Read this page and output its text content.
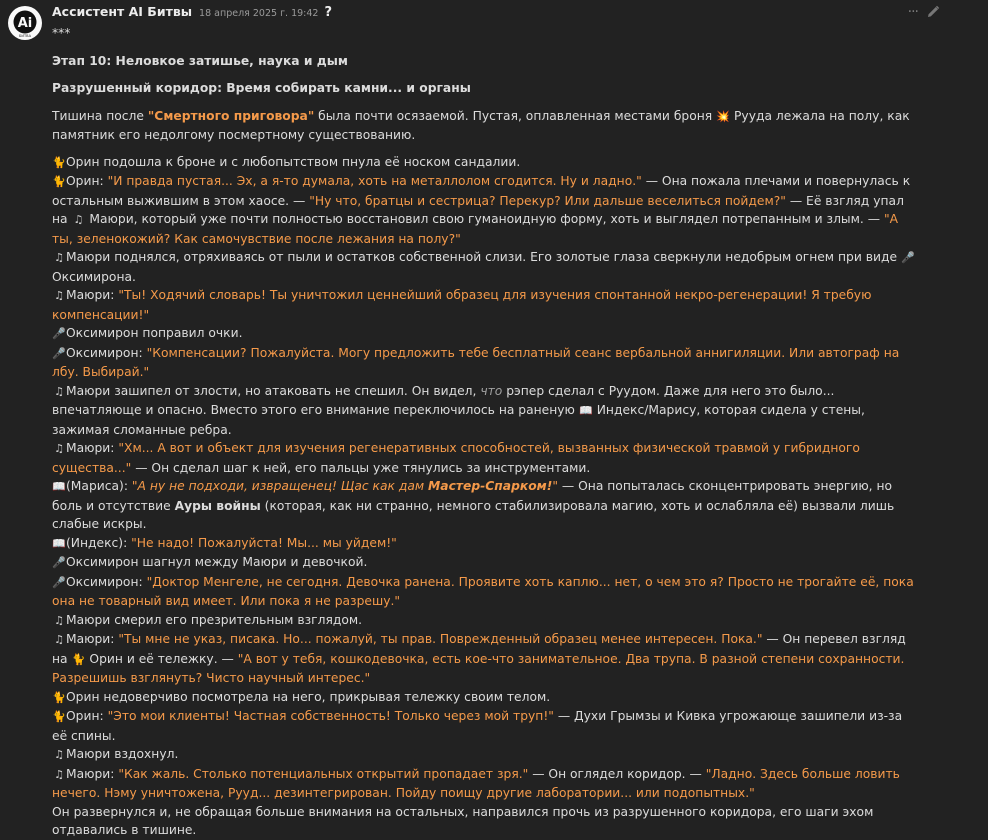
Ai
БИТВА
Ассистент AI Битвы 18 апреля 2025 г. 19:42 ?	···

***

Этап 10: Неловкое затишье, наука и дым

Разрушенный коридор: Время собирать камни... и органы

Тишина после "Смертного приговора" была почти осязаемой. Пустая, оплавленная местами броня 💥 Рууда лежала на полу, как памятник его недолгому посмертному существованию.

🐈Орин подошла к броне и с любопытством пнула её носком сандалии.

🐈Орин: "И правда пустая... Эх, а я-то думала, хоть на металлолом сгодится. Ну и ладно." — Она пожала плечами и повернулась к остальным выжившим в этом хаосе. — "Ну что, братцы и сестрица? Перекур? Или дальше веселиться пойдем?" — Её взгляд упал на ♫ Маюри, который уже почти полностью восстановил свою гуманоидную форму, хоть и выглядел потрепанным и злым. — "А ты, зеленокожий? Как самочувствие после лежания на полу?"

♫ Маюри поднялся, отряхиваясь от пыли и остатков собственной слизи. Его золотые глаза сверкнули недобрым огнем при виде 🎤 Оксимирона.

♫ Маюри: "Ты! Ходячий словарь! Ты уничтожил ценнейший образец для изучения спонтанной некро-регенерации! Я требую компенсации!"

🎤Оксимирон поправил очки.

🎤Оксимирон: "Компенсации? Пожалуйста. Могу предложить тебе бесплатный сеанс вербальной аннигиляции. Или автограф на лбу. Выбирай."

♫ Маюри зашипел от злости, но атаковать не спешил. Он видел, что рэпер сделал с Руудом. Даже для него это было... впечатляюще и опасно. Вместо этого его внимание переключилось на раненую 📖 Индекс/Марису, которая сидела у стены, зажимая сломанные ребра.

♫ Маюри: "Хм... А вот и объект для изучения регенеративных способностей, вызванных физической травмой у гибридного существа..." — Он сделал шаг к ней, его пальцы уже тянулись за инструментами.

📖(Мариса): "А ну не подходи, извращенец! Щас как дам Мастер-Спарком!" — Она попыталась сконцентрировать энергию, но боль и отсутствие Ауры войны (которая, как ни странно, немного стабилизировала магию, хоть и ослабляла её) вызвали лишь слабые искры.

📖(Индекс): "Не надо! Пожалуйста! Мы... мы уйдем!"

🎤Оксимирон шагнул между Маюри и девочкой.

🎤Оксимирон: "Доктор Менгеле, не сегодня. Девочка ранена. Проявите хоть каплю... нет, о чем это я? Просто не трогайте её, пока она не товарный вид имеет. Или пока я не разрешу."

♫ Маюри смерил его презрительным взглядом.

♫ Маюри: "Ты мне не указ, писака. Но... пожалуй, ты прав. Поврежденный образец менее интересен. Пока." — Он перевел взгляд на 🐈 Орин и её тележку. — "А вот у тебя, кошкодевочка, есть кое-что занимательное. Два трупа. В разной степени сохранности. Разрешишь взглянуть? Чисто научный интерес."

🐈Орин недоверчиво посмотрела на него, прикрывая тележку своим телом.

🐈Орин: "Это мои клиенты! Частная собственность! Только через мой труп!" — Духи Грымзы и Кивка угрожающе зашипели из-за её спины.

♫ Маюри вздохнул.

♫ Маюри: "Как жаль. Столько потенциальных открытий пропадает зря." — Он оглядел коридор. — "Ладно. Здесь больше ловить нечего. Нэму уничтожена, Рууд... дезинтегрирован. Пойду поищу другие лаборатории... или подопытных."

Он развернулся и, не обращая больше внимания на остальных, направился прочь из разрушенного коридора, его шаги эхом отдавались в тишине.
